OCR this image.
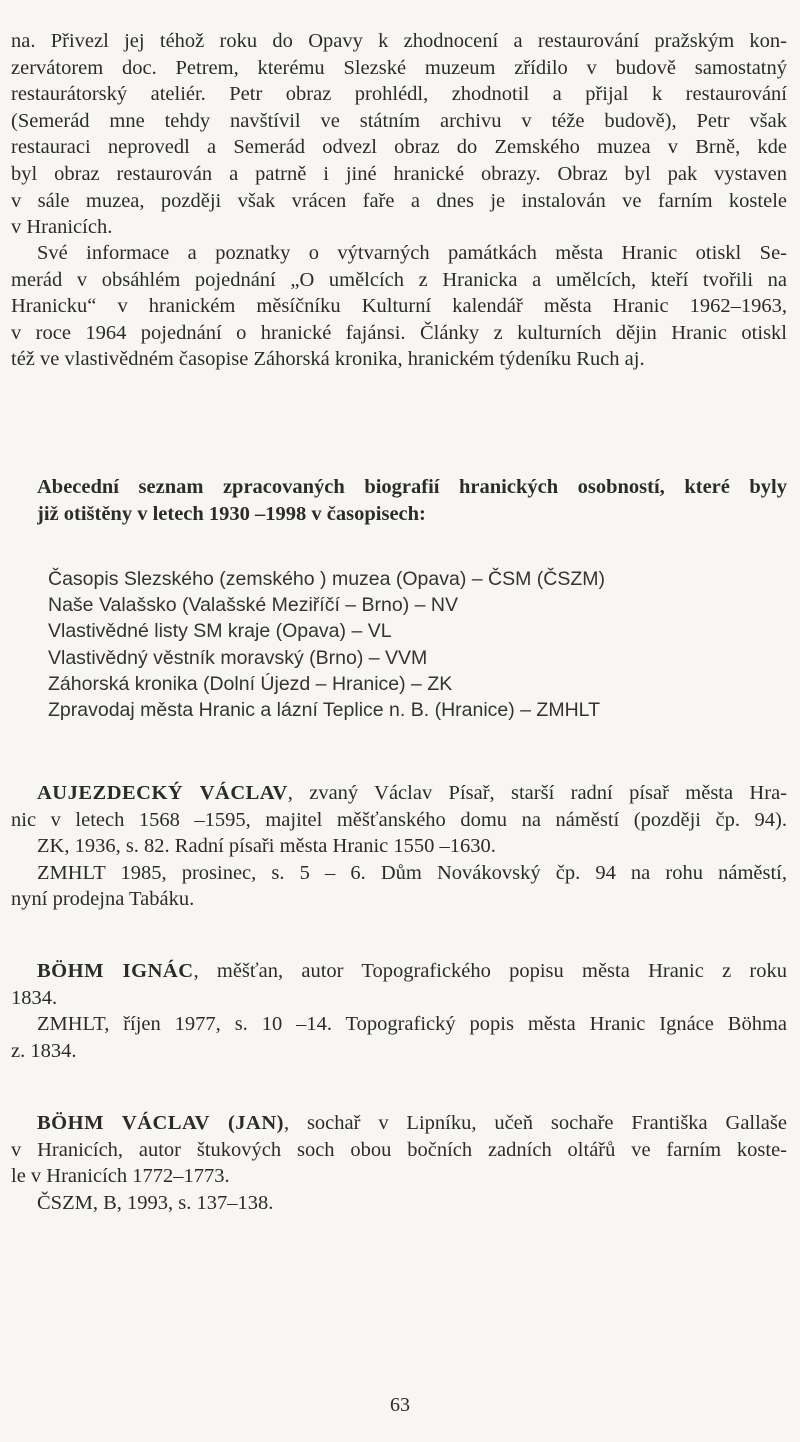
na. Přivezl jej téhož roku do Opavy k zhodnocení a restaurování pražským kon-
zervátorem doc. Petrem, kterému Slezské muzeum zřídilo v budově samostatný
restaurátorský ateliér. Petr obraz prohlédl, zhodnotil a přijal k restaurování
(Semerád mne tehdy navštívil ve státním archivu v téže budově), Petr však
restauraci neprovedl a Semerád odvezl obraz do Zemského muzea v Brně, kde
byl obraz restaurován a patrně i jiné hranické obrazy. Obraz byl pak vystaven
v sále muzea, později však vrácen faře a dnes je instalován ve farním kostele
v Hranicích.
Své informace a poznatky o výtvarných památkách města Hranic otiskl Se-
merád v obsáhlém pojednání „O umělcích z Hranicka a umělcích, kteří tvořili na
Hranicku“ v hranickém měsíčníku Kulturní kalendář města Hranic 1962–1963,
v roce 1964 pojednání o hranické fajánsi. Články z kulturních dějin Hranic otiskl
též ve vlastivědném časopise Záhorská kronika, hranickém týdeníku Ruch aj.
Abecední seznam zpracovaných biografií hranických osobností, které byly
již otištěny v letech 1930 –1998 v časopisech:
Časopis Slezského (zemského ) muzea (Opava) – ČSM (ČSZM)
Naše Valašsko (Valašské Meziříčí – Brno) – NV
Vlastivědné listy SM kraje (Opava) – VL
Vlastivědný věstník moravský (Brno) – VVM
Záhorská kronika (Dolní Újezd – Hranice) – ZK
Zpravodaj města Hranic a lázní Teplice n. B. (Hranice) – ZMHLT
AUJEZDECKÝ VÁCLAV, zvaný Václav Písař, starší radní písař města Hra-
nic v letech 1568 –1595, majitel měšťanského domu na náměstí (později čp. 94).
ZK, 1936, s. 82. Radní písaři města Hranic 1550 –1630.
ZMHLT 1985, prosinec, s. 5 – 6. Dům Novákovský čp. 94 na rohu náměstí,
nyní prodejna Tabáku.
BÖHM IGNÁC, měšťan, autor Topografického popisu města Hranic z roku
1834.
ZMHLT, říjen 1977, s. 10 –14. Topografický popis města Hranic Ignáce Böhma
z. 1834.
BÖHM VÁCLAV (JAN), sochař v Lipníku, učeň sochaře Františka Gallaše
v Hranicích, autor štukových soch obou bočních zadních oltářů ve farním koste-
le v Hranicích 1772–1773.
ČSZM, B, 1993, s. 137–138.
63
